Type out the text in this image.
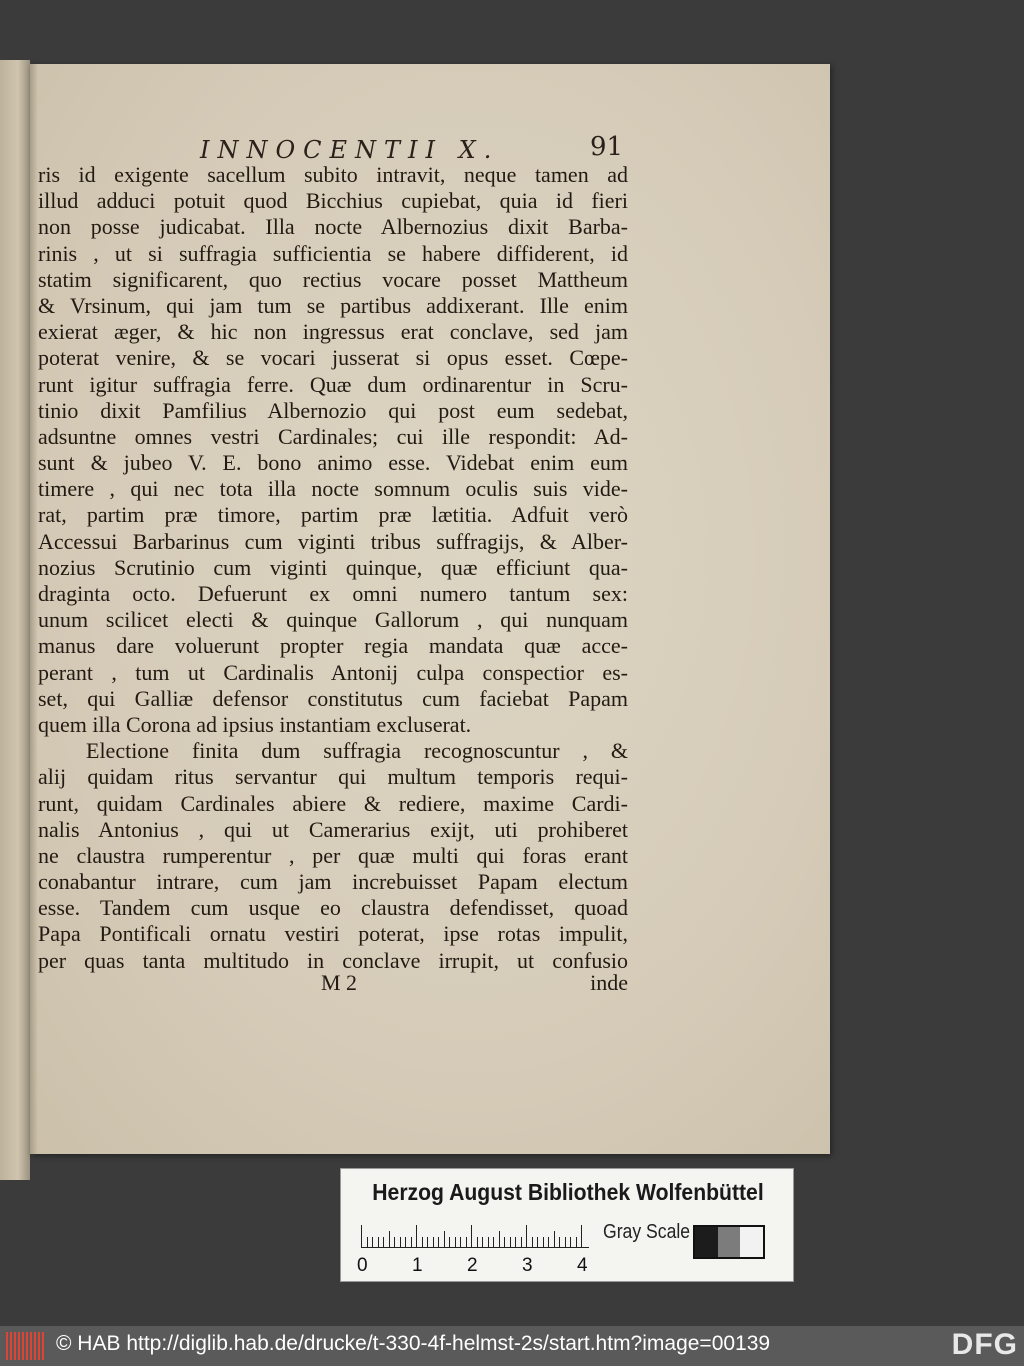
INNOCENTII X.	91
ris id exigente sacellum subito intravit, neque tamen ad
illud adduci potuit quod Bicchius cupiebat, quia id fieri
non posse judicabat. Illa nocte Albernozius dixit Barba-
rinis , ut si suffragia sufficientia se habere diffiderent, id
statim significarent, quo rectius vocare posset Mattheum
& Vrsinum, qui jam tum se partibus addixerant. Ille enim
exierat æger, & hic non ingressus erat conclave, sed jam
poterat venire, & se vocari jusserat si opus esset. Cœpe-
runt igitur suffragia ferre. Quæ dum ordinarentur in Scru-
tinio dixit Pamfilius Albernozio qui post eum sedebat,
adsuntne omnes vestri Cardinales; cui ille respondit: Ad-
sunt & jubeo V. E. bono animo esse. Videbat enim eum
timere , qui nec tota illa nocte somnum oculis suis vide-
rat, partim præ timore, partim præ lætitia. Adfuit verò
Accessui Barbarinus cum viginti tribus suffragijs, & Alber-
nozius Scrutinio cum viginti quinque, quæ efficiunt qua-
draginta octo. Defuerunt ex omni numero tantum sex:
unum scilicet electi & quinque Gallorum , qui nunquam
manus dare voluerunt propter regia mandata quæ acce-
perant , tum ut Cardinalis Antonij culpa conspectior es-
set, qui Galliæ defensor constitutus cum faciebat Papam
quem illa Corona ad ipsius instantiam excluserat.
Electione finita dum suffragia recognoscuntur , &
alij quidam ritus servantur qui multum temporis requi-
runt, quidam Cardinales abiere & rediere, maxime Cardi-
nalis Antonius , qui ut Camerarius exijt, uti prohiberet
ne claustra rumperentur , per quæ multi qui foras erant
conabantur intrare, cum jam increbuisset Papam electum
esse. Tandem cum usque eo claustra defendisset, quoad
Papa Pontificali ornatu vestiri poterat, ipse rotas impulit,
per quas tanta multitudo in conclave irrupit, ut confusio
M 2	inde
Herzog August Bibliothek Wolfenbüttel
0 1 2 3 4
Gray Scale
© HAB http://diglib.hab.de/drucke/t-330-4f-helmst-2s/start.htm?image=00139	DFG
